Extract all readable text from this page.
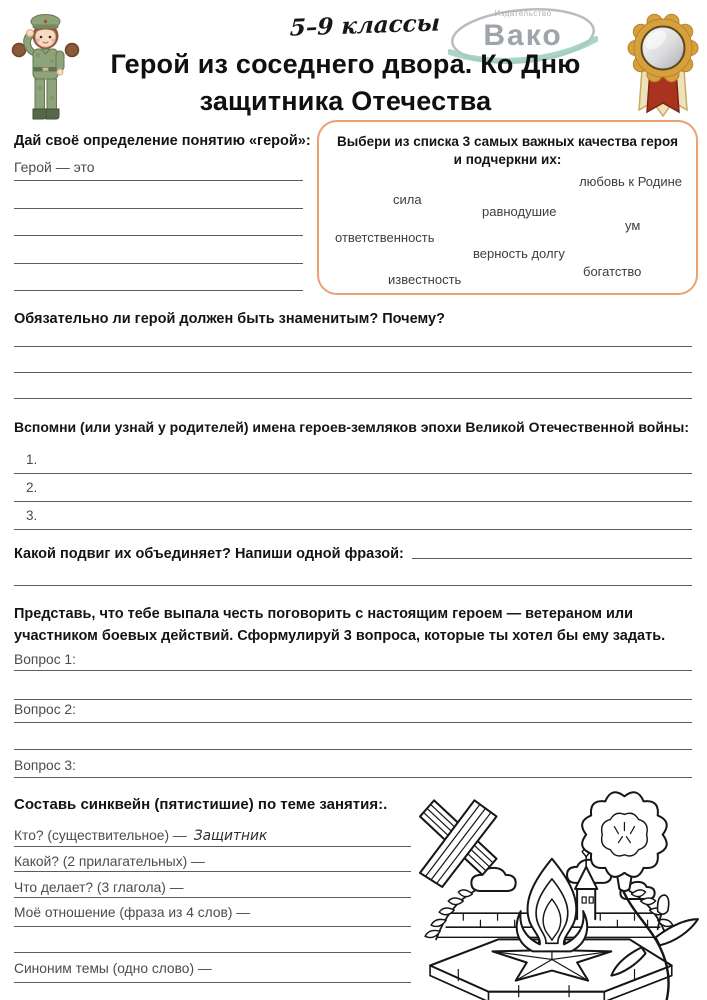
5–9 классы	Издательство
Вако
Герой из соседнего двора. Ко Дню
защитника Отечества
Дай своё определение понятию «герой»:
Герой — это
Выбери из списка 3 самых важных качества героя
и подчеркни их:
любовь к Родине
сила
равнодушие
ум
ответственность
верность долгу
богатство
известность
Обязательно ли герой должен быть знаменитым? Почему?
Вспомни (или узнай у родителей) имена героев-земляков эпохи Великой Отечественной войны:
1.
2.
3.
Какой подвиг их объединяет? Напиши одной фразой:
Представь, что тебе выпала честь поговорить с настоящим героем — ветераном или участником боевых действий. Сформулируй 3 вопроса, которые ты хотел бы ему задать.
Вопрос 1:
Вопрос 2:
Вопрос 3:
Составь синквейн (пятистишие) по теме занятия:.
Кто? (существительное) — Защитник
Какой? (2 прилагательных) —
Что делает? (3 глагола) —
Моё отношение (фраза из 4 слов) —
Синоним темы (одно слово) —
